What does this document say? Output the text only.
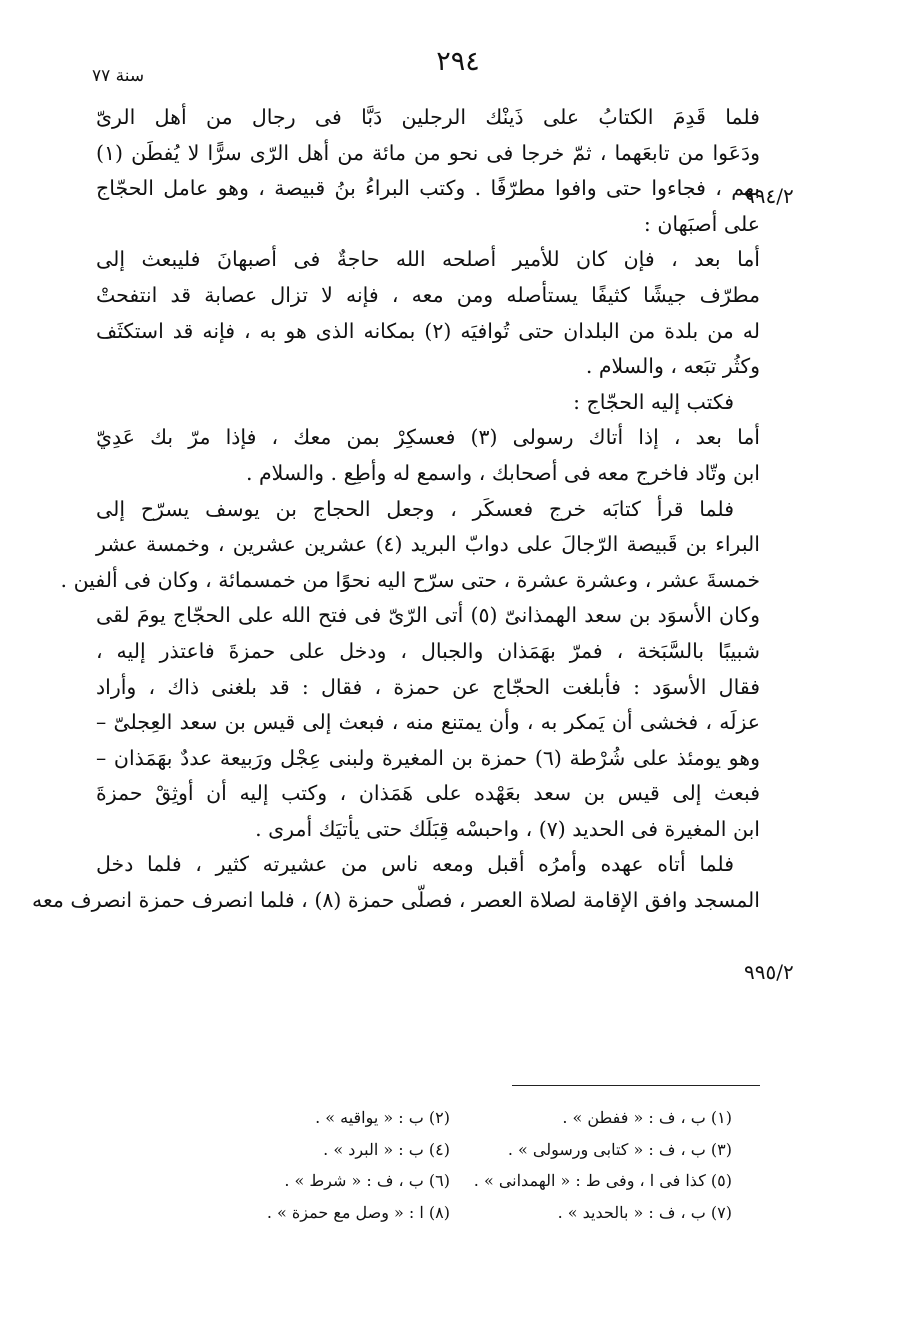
٢٩٤
سنة ٧٧
٩٩٤/٢
٩٩٥/٢
فلما قَدِمَ الكتابُ على ذَينْك الرجلين دَبَّا فى رجال من أهل الرىّ
ودَعَوا من تابعَهما ، ثمّ خرجا فى نحو من مائة من أهل الرّى سرًّا لا يُفطَن (١)
بهم ، فجاءوا حتى وافوا مطرّفًا . وكتب البراءُ بنُ قبيصة ، وهو عامل الحجّاج
على أصبَهان :
أما بعد ، فإن كان للأمير أصلحه الله حاجةٌ فى أصبهانَ فليبعث إلى
مطرّف جيشًا كثيفًا يستأصله ومن معه ، فإنه لا تزال عصابة قد انتفحتْ
له من بلدة من البلدان حتى تُوافيَه (٢) بمكانه الذى هو به ، فإنه قد استكثَف
وكثُر تبَعه ، والسلام .
فكتب إليه الحجّاج :
أما بعد ، إذا أتاك رسولى (٣) فعسكِرْ بمن معك ، فإذا مرّ بك عَدِيّ
ابن وتّاد فاخرج معه فى أصحابك ، واسمع له وأطِع . والسلام .
فلما قرأ كتابَه خرج فعسكَر ، وجعل الحجاج بن يوسف يسرّح إلى
البراء بن قَبيصة الرّجالَ على دوابّ البريد (٤) عشرين عشرين ، وخمسة عشر
خمسةَ عشر ، وعشرة عشرة ، حتى سرّح اليه نحوًا من خمسمائة ، وكان فى ألفين .
وكان الأسوَد بن سعد الهمذانىّ (٥) أتى الرّىّ فى فتح الله على الحجّاج يومَ لقى
شبيبًا بالسَّبَخة ، فمرّ بهَمَذان والجبال ، ودخل على حمزةَ فاعتذر إليه ،
فقال الأسوَد : فأبلغت الحجّاج عن حمزة ، فقال : قد بلغنى ذاك ، وأراد
عزلَه ، فخشى أن يَمكر به ، وأن يمتنع منه ، فبعث إلى قيس بن سعد العِجلىّ –
وهو يومئذ على شُرْطة (٦) حمزة بن المغيرة ولبنى عِجْل ورَبيعة عددٌ بهَمَذان –
فبعث إلى قيس بن سعد بعَهْده على هَمَذان ، وكتب إليه أن أوثِقْ حمزةَ
ابن المغيرة فى الحديد (٧) ، واحبسْه قِبَلَك حتى يأتيَك أمرى .
فلما أتاه عهده وأمرُه أقبل ومعه ناس من عشيرته كثير ، فلما دخل
المسجد وافق الإقامة لصلاة العصر ، فصلّى حمزة (٨) ، فلما انصرف حمزة انصرف معه
(١) ب ، ف : « ففطن » .
(٢) ب : « يواقيه » .
(٣) ب ، ف : « كتابى ورسولى » .
(٤) ب : « البرد » .
(٥) كذا فى ا ، وفى ط : « الهمدانى » .
(٦) ب ، ف : « شرط » .
(٧) ب ، ف : « بالحديد » .
(٨) ا : « وصل مع حمزة » .
